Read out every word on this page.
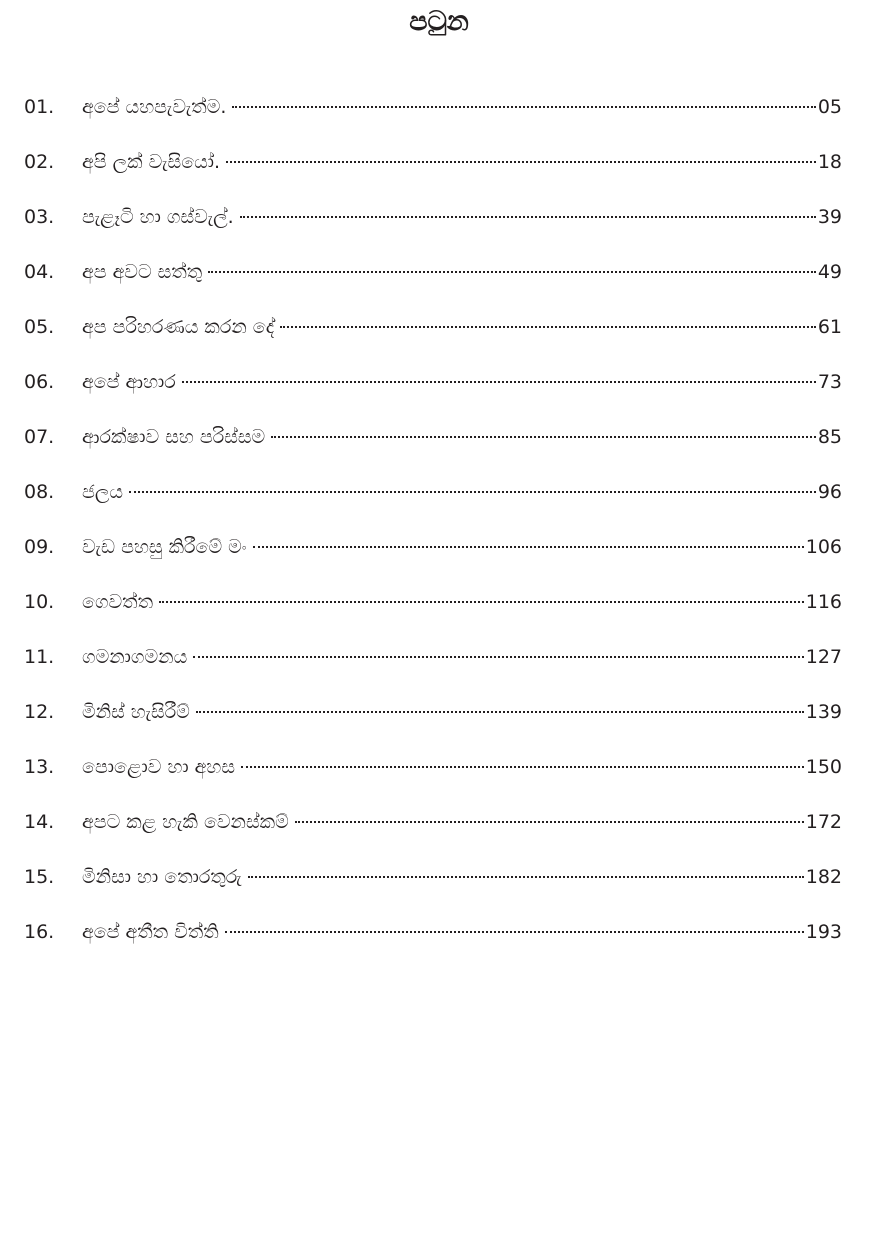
පටුන
01.	අපේ යහපැවැත්ම.	05
02.	අපි ලක් වැසියෝ.	18
03.	පැළෑටි හා ගස්වැල්.	39
04.	අප අවට සත්තු	49
05.	අප පරිහරණය කරන දේ	61
06.	අපේ ආහාර	73
07.	ආරක්ෂාව සහ පරිස්සම	85
08.	ජලය	96
09.	වැඩ පහසු කිරීමේ මං	106
10.	ගෙවත්ත	116
11.	ගමනාගමනය	127
12.	මිනිස් හැසිරීම්	139
13.	පොළොව හා අහස	150
14.	අපට කළ හැකි වෙනස්කම්	172
15.	මිනිසා හා තොරතුරු	182
16.	අපේ අතීත විත්ති	193
